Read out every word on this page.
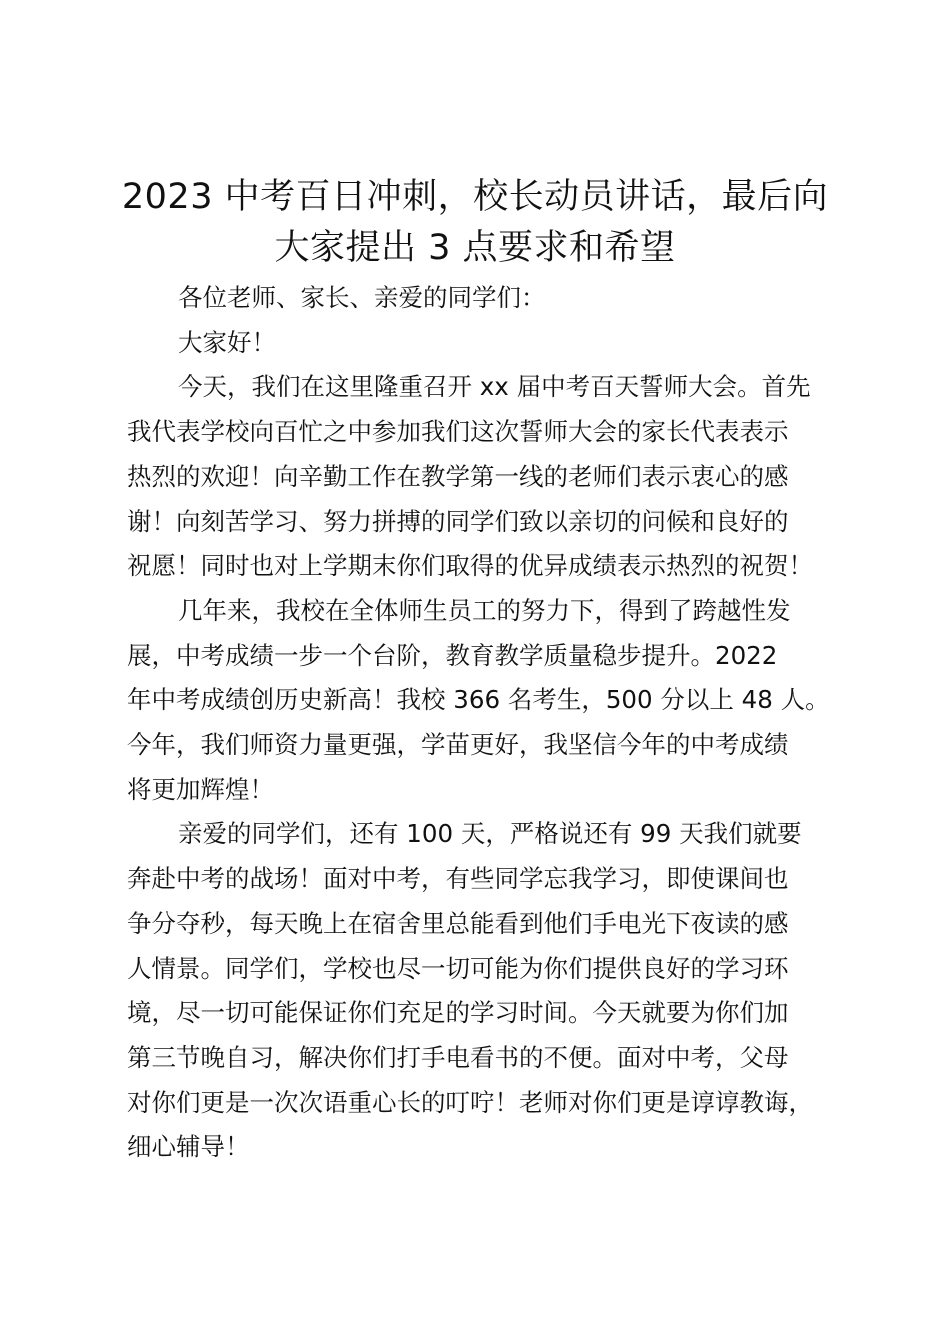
2023 中考百日冲刺，校长动员讲话，最后向
大家提出 3 点要求和希望
各位老师、家长、亲爱的同学们：
大家好！
今天，我们在这里隆重召开 xx 届中考百天誓师大会。首先
我代表学校向百忙之中参加我们这次誓师大会的家长代表表示
热烈的欢迎！向辛勤工作在教学第一线的老师们表示衷心的感
谢！向刻苦学习、努力拼搏的同学们致以亲切的问候和良好的
祝愿！同时也对上学期末你们取得的优异成绩表示热烈的祝贺！
几年来，我校在全体师生员工的努力下，得到了跨越性发
展，中考成绩一步一个台阶，教育教学质量稳步提升。2022
年中考成绩创历史新高！我校 366 名考生，500 分以上 48 人。
今年，我们师资力量更强，学苗更好，我坚信今年的中考成绩
将更加辉煌！
亲爱的同学们，还有 100 天，严格说还有 99 天我们就要
奔赴中考的战场！面对中考，有些同学忘我学习，即使课间也
争分夺秒，每天晚上在宿舍里总能看到他们手电光下夜读的感
人情景。同学们，学校也尽一切可能为你们提供良好的学习环
境，尽一切可能保证你们充足的学习时间。今天就要为你们加
第三节晚自习，解决你们打手电看书的不便。面对中考，父母
对你们更是一次次语重心长的叮咛！老师对你们更是谆谆教诲，
细心辅导！
